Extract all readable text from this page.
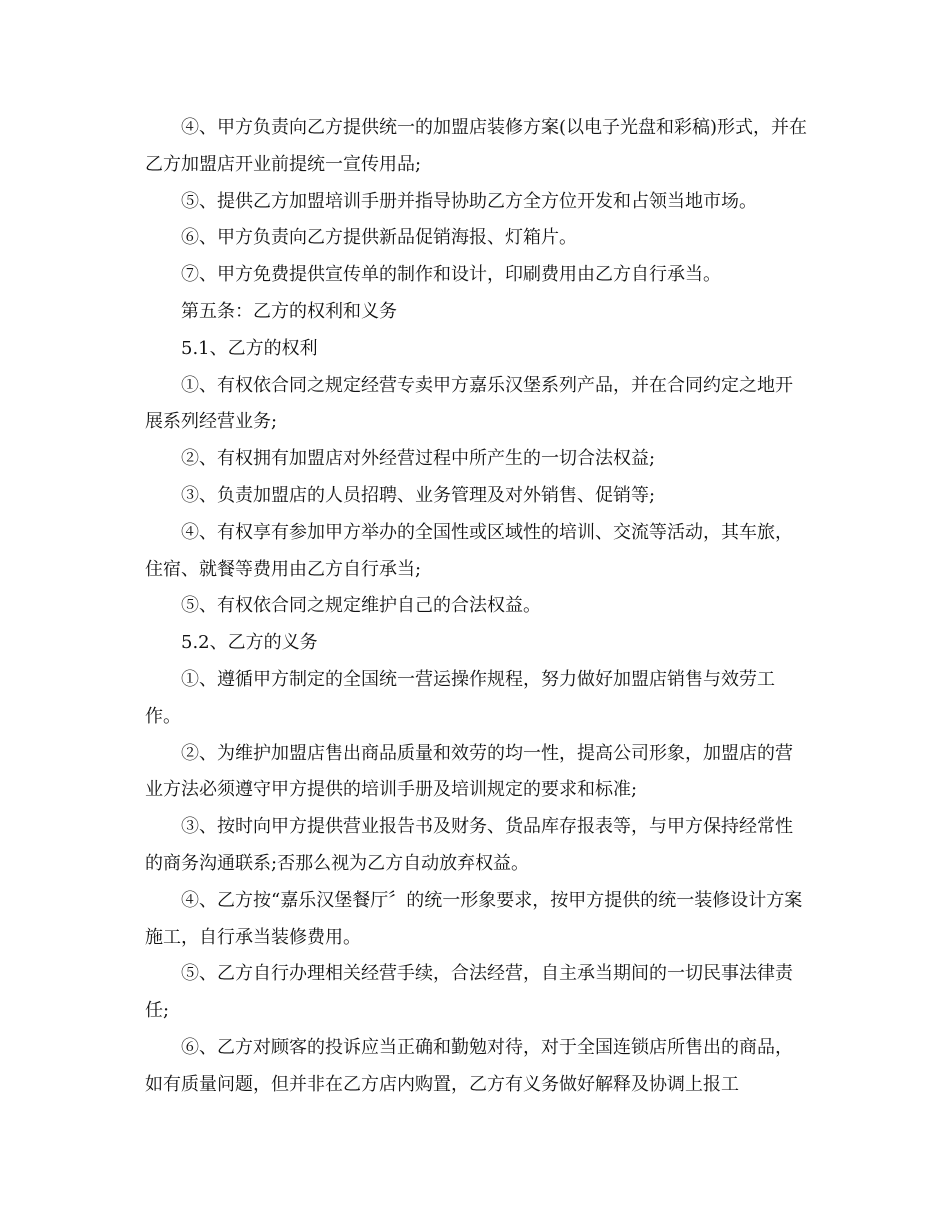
④、甲方负责向乙方提供统一的加盟店装修方案(以电子光盘和彩稿)形式，并在乙方加盟店开业前提统一宣传用品;

⑤、提供乙方加盟培训手册并指导协助乙方全方位开发和占领当地市场。

⑥、甲方负责向乙方提供新品促销海报、灯箱片。

⑦、甲方免费提供宣传单的制作和设计，印刷费用由乙方自行承当。

第五条：乙方的权利和义务

5.1、乙方的权利

①、有权依合同之规定经营专卖甲方嘉乐汉堡系列产品，并在合同约定之地开展系列经营业务;

②、有权拥有加盟店对外经营过程中所产生的一切合法权益;

③、负责加盟店的人员招聘、业务管理及对外销售、促销等;

④、有权享有参加甲方举办的全国性或区域性的培训、交流等活动，其车旅，住宿、就餐等费用由乙方自行承当;

⑤、有权依合同之规定维护自己的合法权益。

5.2、乙方的义务

①、遵循甲方制定的全国统一营运操作规程，努力做好加盟店销售与效劳工作。

②、为维护加盟店售出商品质量和效劳的均一性，提高公司形象，加盟店的营业方法必须遵守甲方提供的培训手册及培训规定的要求和标准;

③、按时向甲方提供营业报告书及财务、货品库存报表等，与甲方保持经常性的商务沟通联系;否那么视为乙方自动放弃权益。

④、乙方按“嘉乐汉堡餐厅〞的统一形象要求，按甲方提供的统一装修设计方案施工，自行承当装修费用。

⑤、乙方自行办理相关经营手续，合法经营，自主承当期间的一切民事法律责任;

⑥、乙方对顾客的投诉应当正确和勤勉对待，对于全国连锁店所售出的商品，如有质量问题，但并非在乙方店内购置，乙方有义务做好解释及协调上报工
